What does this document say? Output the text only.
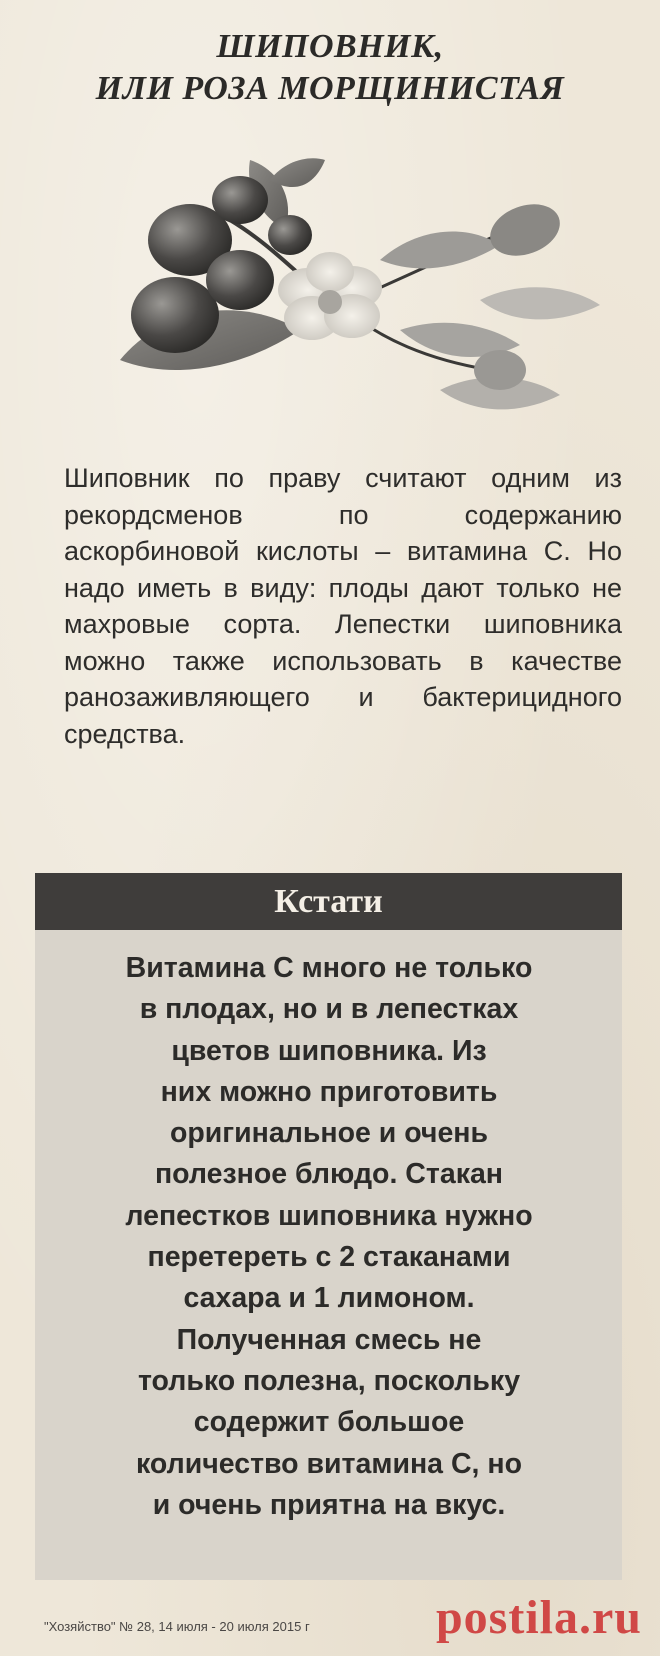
ШИПОВНИК,
ИЛИ РОЗА МОРЩИНИСТАЯ
Шиповник по праву считают одним из рекордсменов по содержанию аскорбиновой кислоты – витамина С. Но надо иметь в виду: плоды дают только не махровые сорта. Лепестки шиповника можно также использовать в качестве ранозаживляющего и бактерицидного средства.
Кстати
Витамина С много не только
в плодах, но и в лепестках
цветов шиповника. Из
них можно приготовить
оригинальное и очень
полезное блюдо. Стакан
лепестков шиповника нужно
перетереть с 2 стаканами
сахара и 1 лимоном.
Полученная смесь не
только полезна, поскольку
содержит большое
количество витамина С, но
и очень приятна на вкус.
"Хозяйство" № 28, 14 июля - 20 июля 2015 г	postila.ru
